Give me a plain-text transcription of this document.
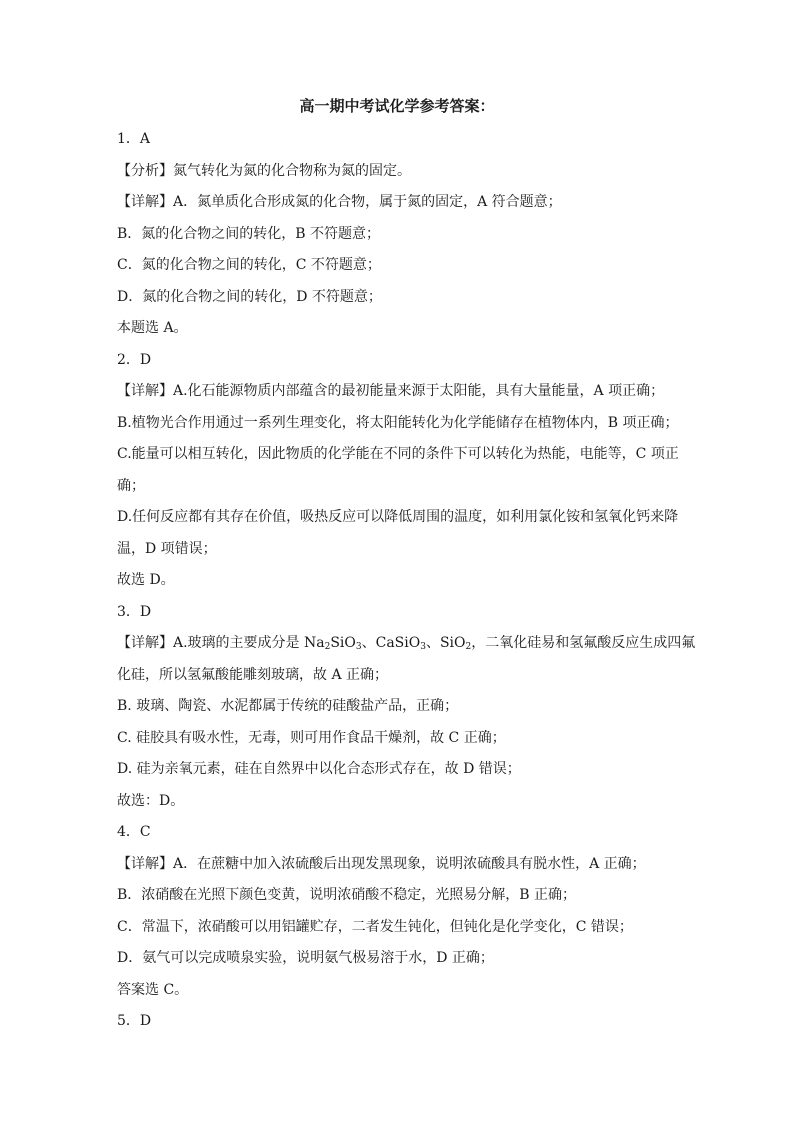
高一期中考试化学参考答案：
1．A
【分析】氮气转化为氮的化合物称为氮的固定。
【详解】A．氮单质化合形成氮的化合物，属于氮的固定，A 符合题意；
B．氮的化合物之间的转化，B 不符题意；
C．氮的化合物之间的转化，C 不符题意；
D．氮的化合物之间的转化，D 不符题意；
本题选 A。
2．D
【详解】A.化石能源物质内部蕴含的最初能量来源于太阳能，具有大量能量，A 项正确；
B.植物光合作用通过一系列生理变化，将太阳能转化为化学能储存在植物体内，B 项正确；
C.能量可以相互转化，因此物质的化学能在不同的条件下可以转化为热能，电能等，C 项正
确；
D.任何反应都有其存在价值，吸热反应可以降低周围的温度，如利用氯化铵和氢氧化钙来降
温，D 项错误；
故选 D。
3．D
【详解】A.玻璃的主要成分是 $Na_2SiO_3$、CaSiO$_3$、SiO$_2$，二氧化硅易和氢氟酸反应生成四氟
化硅，所以氢氟酸能雕刻玻璃，故 A 正确；
B. 玻璃、陶瓷、水泥都属于传统的硅酸盐产品，正确；
C. 硅胶具有吸水性，无毒，则可用作食品干燥剂，故 C 正确；
D. 硅为亲氧元素，硅在自然界中以化合态形式存在，故 D 错误；
故选：D。
4．C
【详解】A．在蔗糖中加入浓硫酸后出现发黑现象，说明浓硫酸具有脱水性，A 正确；
B．浓硝酸在光照下颜色变黄，说明浓硝酸不稳定，光照易分解，B 正确；
C．常温下，浓硝酸可以用铝罐贮存，二者发生钝化，但钝化是化学变化，C 错误；
D．氨气可以完成喷泉实验，说明氨气极易溶于水，D 正确；
答案选 C。
5．D
